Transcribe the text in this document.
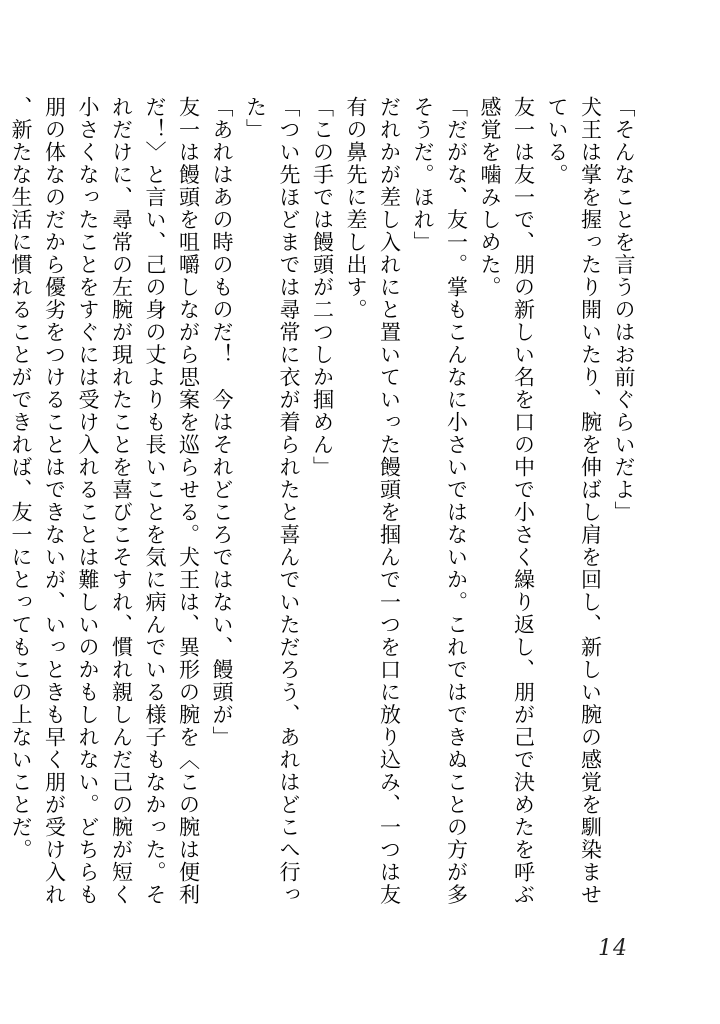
「そんなことを言うのはお前ぐらいだよ」

犬王は掌を握ったり開いたり、腕を伸ばし肩を回し、新しい腕の感覚を馴染ませている。

友一は友一で、朋の新しい名を口の中で小さく繰り返し、朋が己で決めたを呼ぶ感覚を噛みしめた。

「だがな、友一。掌もこんなに小さいではないか。これではできぬことの方が多そうだ。ほれ」

だれかが差し入れにと置いていった饅頭を掴んで一つを口に放り込み、一つは友有の鼻先に差し出す。

「この手では饅頭が二つしか掴めん」

「つい先ほどまでは尋常に衣が着られたと喜んでいただろう、あれはどこへ行った」

「あれはあの時のものだ！　今はそれどころではない、饅頭が」

友一は饅頭を咀嚼しながら思案を巡らせる。犬王は、異形の腕を〈この腕は便利だ！〉と言い、己の身の丈よりも長いことを気に病んでいる様子もなかった。それだけに、尋常の左腕が現れたことを喜びこそすれ、慣れ親しんだ己の腕が短く小さくなったことをすぐには受け入れることは難しいのかもしれない。どちらも朋の体なのだから優劣をつけることはできないが、いっときも早く朋が受け入れ、新たな生活に慣れることができれば、友一にとってもこの上ないことだ。

14
